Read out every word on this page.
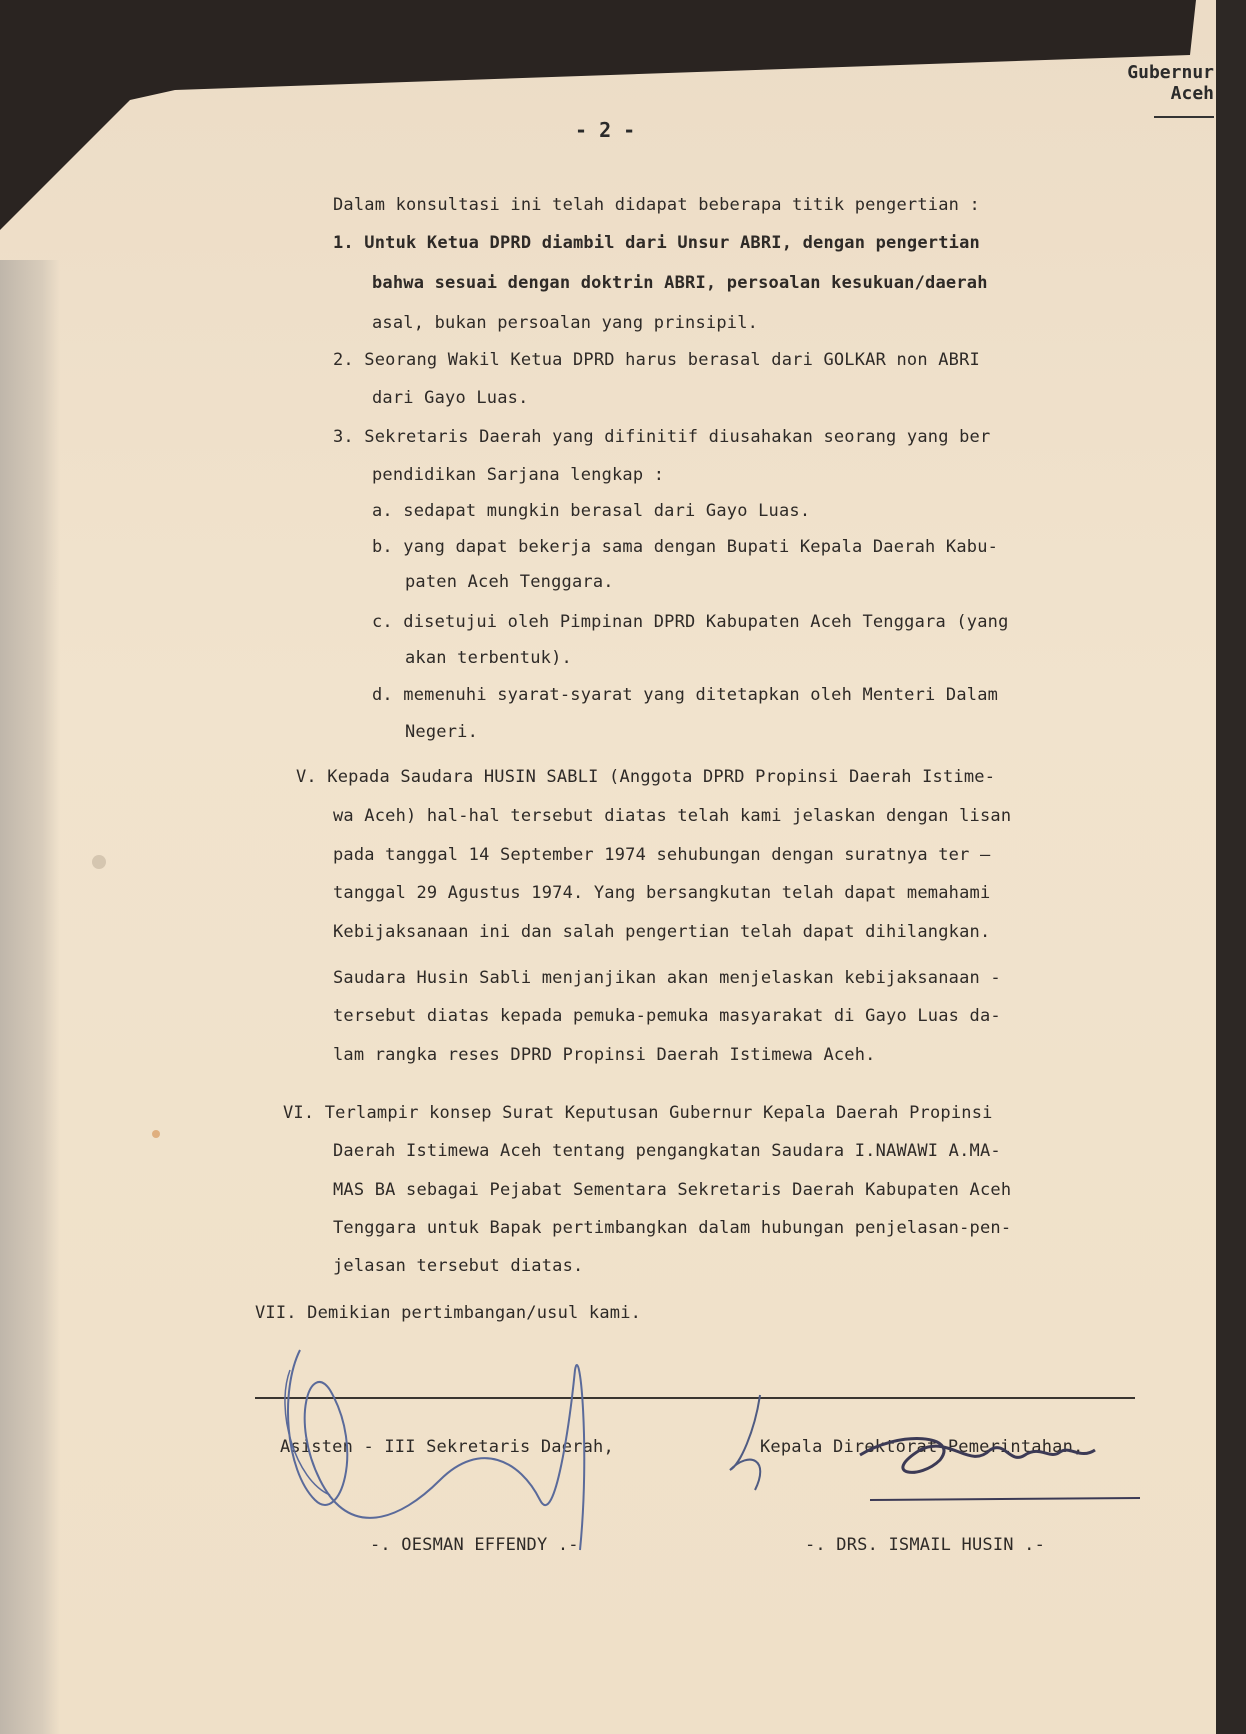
Gubernur
Aceh
- 2 -
Dalam konsultasi ini telah didapat beberapa titik pengertian :
1. Untuk Ketua DPRD diambil dari Unsur ABRI, dengan pengertian
bahwa sesuai dengan doktrin ABRI, persoalan kesukuan/daerah
asal, bukan persoalan yang prinsipil.
2. Seorang Wakil Ketua DPRD harus berasal dari GOLKAR non ABRI
dari Gayo Luas.
3. Sekretaris Daerah yang difinitif diusahakan seorang yang ber
pendidikan Sarjana lengkap :
a. sedapat mungkin berasal dari Gayo Luas.
b. yang dapat bekerja sama dengan Bupati Kepala Daerah Kabu-
paten Aceh Tenggara.
c. disetujui oleh Pimpinan DPRD Kabupaten Aceh Tenggara (yang
akan terbentuk).
d. memenuhi syarat-syarat yang ditetapkan oleh Menteri Dalam
Negeri.
V. Kepada Saudara HUSIN SABLI (Anggota DPRD Propinsi Daerah Istime-
wa Aceh) hal-hal tersebut diatas telah kami jelaskan dengan lisan
pada tanggal 14 September 1974 sehubungan dengan suratnya ter —
tanggal 29 Agustus 1974. Yang bersangkutan telah dapat memahami
Kebijaksanaan ini dan salah pengertian telah dapat dihilangkan.
Saudara Husin Sabli menjanjikan akan menjelaskan kebijaksanaan -
tersebut diatas kepada pemuka-pemuka masyarakat di Gayo Luas da-
lam rangka reses DPRD Propinsi Daerah Istimewa Aceh.
VI. Terlampir konsep Surat Keputusan Gubernur Kepala Daerah Propinsi
Daerah Istimewa Aceh tentang pengangkatan Saudara I.NAWAWI A.MA-
MAS BA sebagai Pejabat Sementara Sekretaris Daerah Kabupaten Aceh
Tenggara untuk Bapak pertimbangkan dalam hubungan penjelasan-pen-
jelasan tersebut diatas.
VII. Demikian pertimbangan/usul kami.
Asisten - III Sekretaris Daerah,
-. OESMAN EFFENDY .-
Kepala Direktorat Pemerintahan,
-. DRS. ISMAIL HUSIN .-
